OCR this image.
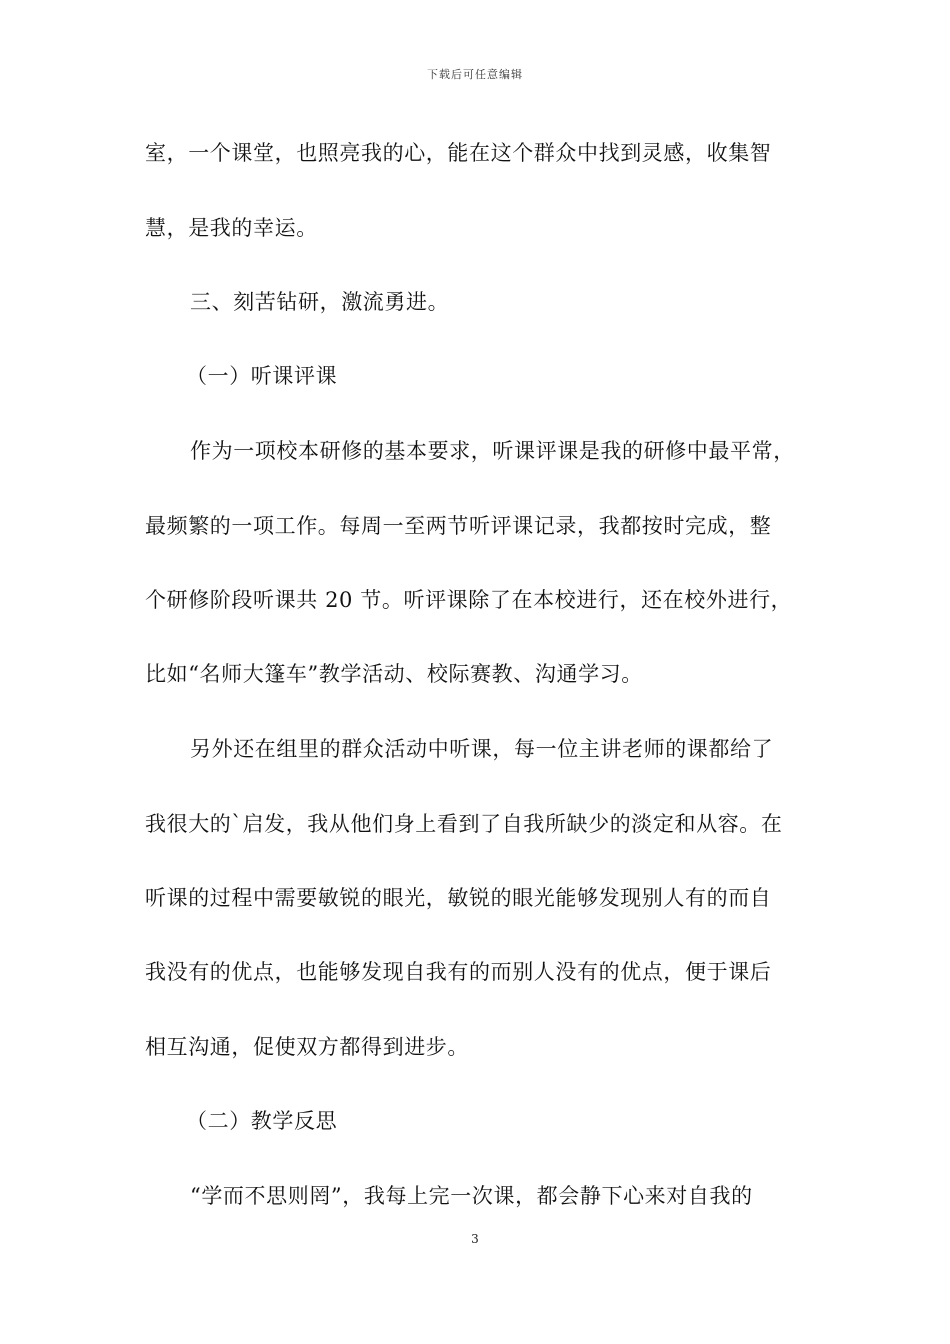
下载后可任意编辑
室，一个课堂，也照亮我的心，能在这个群众中找到灵感，收集智
慧，是我的幸运。
三、刻苦钻研，激流勇进。
（一）听课评课
作为一项校本研修的基本要求，听课评课是我的研修中最平常，
最频繁的一项工作。每周一至两节听评课记录，我都按时完成，整
个研修阶段听课共 20 节。听评课除了在本校进行，还在校外进行，
比如“名师大篷车”教学活动、校际赛教、沟通学习。
另外还在组里的群众活动中听课，每一位主讲老师的课都给了
我很大的`启发，我从他们身上看到了自我所缺少的淡定和从容。在
听课的过程中需要敏锐的眼光，敏锐的眼光能够发现别人有的而自
我没有的优点，也能够发现自我有的而别人没有的优点，便于课后
相互沟通，促使双方都得到进步。
（二）教学反思
“学而不思则罔”，我每上完一次课，都会静下心来对自我的
3
